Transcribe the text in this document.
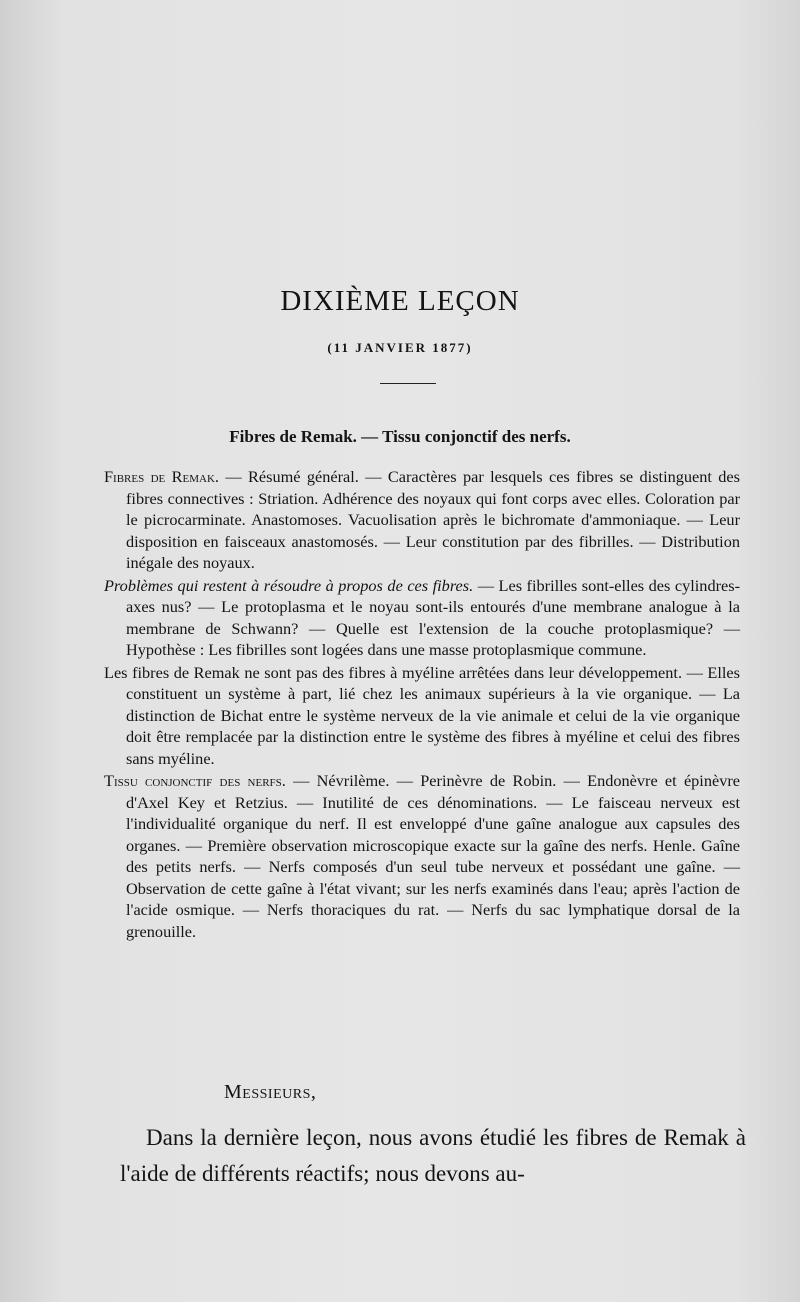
DIXIÈME LEÇON
(11 JANVIER 1877)
Fibres de Remak. — Tissu conjonctif des nerfs.

Fibres de Remak. — Résumé général. — Caractères par lesquels ces fibres se distinguent des fibres connectives : Striation. Adhérence des noyaux qui font corps avec elles. Coloration par le picrocarminate. Anastomoses. Vacuolisation après le bichromate d'ammoniaque. — Leur disposition en faisceaux anastomosés. — Leur constitution par des fibrilles. — Distribution inégale des noyaux.

Problèmes qui restent à résoudre à propos de ces fibres. — Les fibrilles sont-elles des cylindres-axes nus? — Le protoplasma et le noyau sont-ils entourés d'une membrane analogue à la membrane de Schwann? — Quelle est l'extension de la couche protoplasmique? — Hypothèse : Les fibrilles sont logées dans une masse protoplasmique commune.

Les fibres de Remak ne sont pas des fibres à myéline arrêtées dans leur développement. — Elles constituent un système à part, lié chez les animaux supérieurs à la vie organique. — La distinction de Bichat entre le système nerveux de la vie animale et celui de la vie organique doit être remplacée par la distinction entre le système des fibres à myéline et celui des fibres sans myéline.

Tissu conjonctif des nerfs. — Névrilème. — Perinèvre de Robin. — Endonèvre et épinèvre d'Axel Key et Retzius. — Inutilité de ces dénominations. — Le faisceau nerveux est l'individualité organique du nerf. Il est enveloppé d'une gaîne analogue aux capsules des organes. — Première observation microscopique exacte sur la gaîne des nerfs. Henle. Gaîne des petits nerfs. — Nerfs composés d'un seul tube nerveux et possédant une gaîne. — Observation de cette gaîne à l'état vivant; sur les nerfs examinés dans l'eau; après l'action de l'acide osmique. — Nerfs thoraciques du rat. — Nerfs du sac lymphatique dorsal de la grenouille.

Messieurs,
Dans la dernière leçon, nous avons étudié les fibres de Remak à l'aide de différents réactifs; nous devons au-
